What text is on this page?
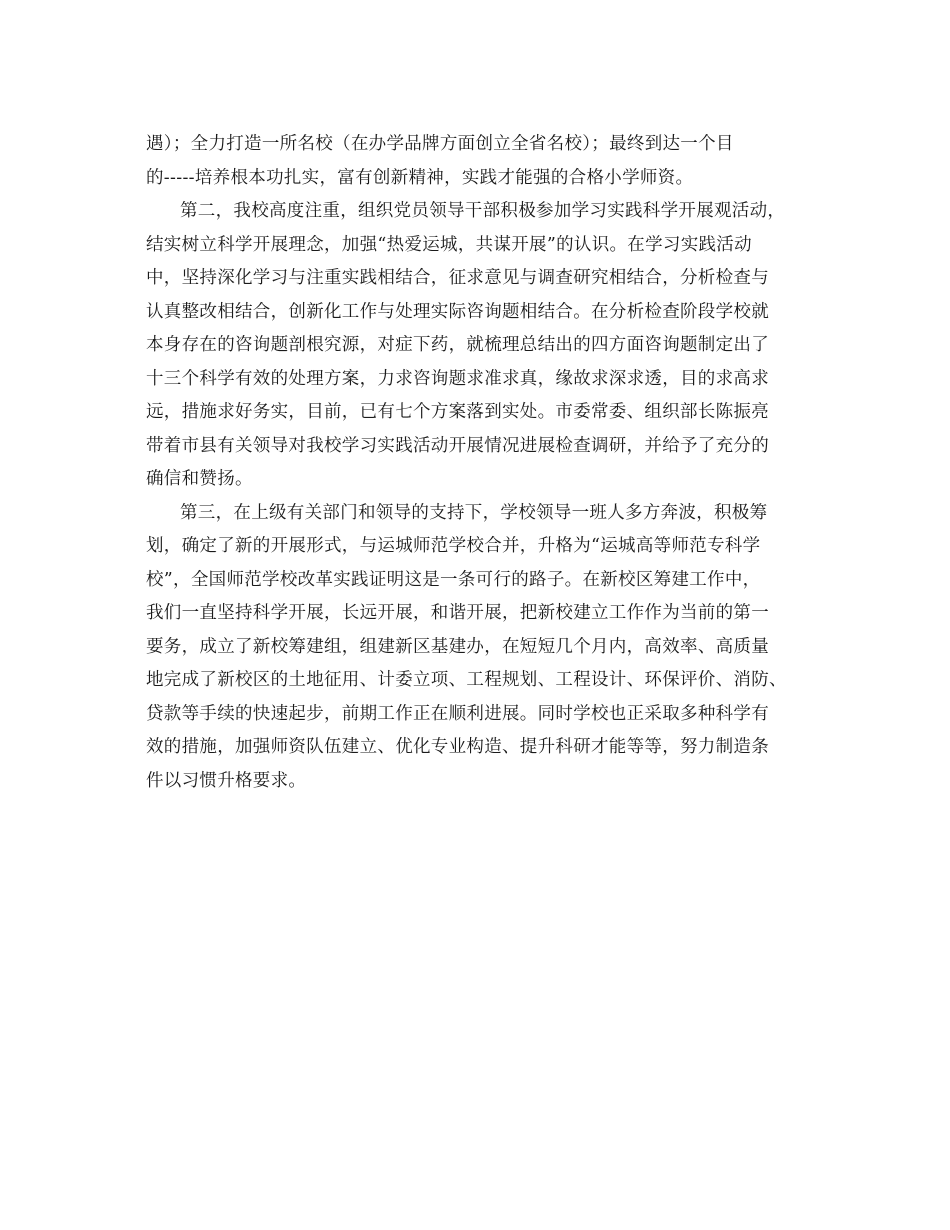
遇）；全力打造一所名校（在办学品牌方面创立全省名校）；最终到达一个目
的-----培养根本功扎实，富有创新精神，实践才能强的合格小学师资。
第二，我校高度注重，组织党员领导干部积极参加学习实践科学开展观活动，
结实树立科学开展理念，加强“热爱运城，共谋开展”的认识。在学习实践活动
中，坚持深化学习与注重实践相结合，征求意见与调查研究相结合，分析检查与
认真整改相结合，创新化工作与处理实际咨询题相结合。在分析检查阶段学校就
本身存在的咨询题剖根究源，对症下药，就梳理总结出的四方面咨询题制定出了
十三个科学有效的处理方案，力求咨询题求准求真，缘故求深求透，目的求高求
远，措施求好务实，目前，已有七个方案落到实处。市委常委、组织部长陈振亮
带着市县有关领导对我校学习实践活动开展情况进展检查调研，并给予了充分的
确信和赞扬。
第三，在上级有关部门和领导的支持下，学校领导一班人多方奔波，积极筹
划，确定了新的开展形式，与运城师范学校合并，升格为“运城高等师范专科学
校”，全国师范学校改革实践证明这是一条可行的路子。在新校区筹建工作中，
我们一直坚持科学开展，长远开展，和谐开展，把新校建立工作作为当前的第一
要务，成立了新校筹建组，组建新区基建办，在短短几个月内，高效率、高质量
地完成了新校区的土地征用、计委立项、工程规划、工程设计、环保评价、消防、
贷款等手续的快速起步，前期工作正在顺利进展。同时学校也正采取多种科学有
效的措施，加强师资队伍建立、优化专业构造、提升科研才能等等，努力制造条
件以习惯升格要求。
